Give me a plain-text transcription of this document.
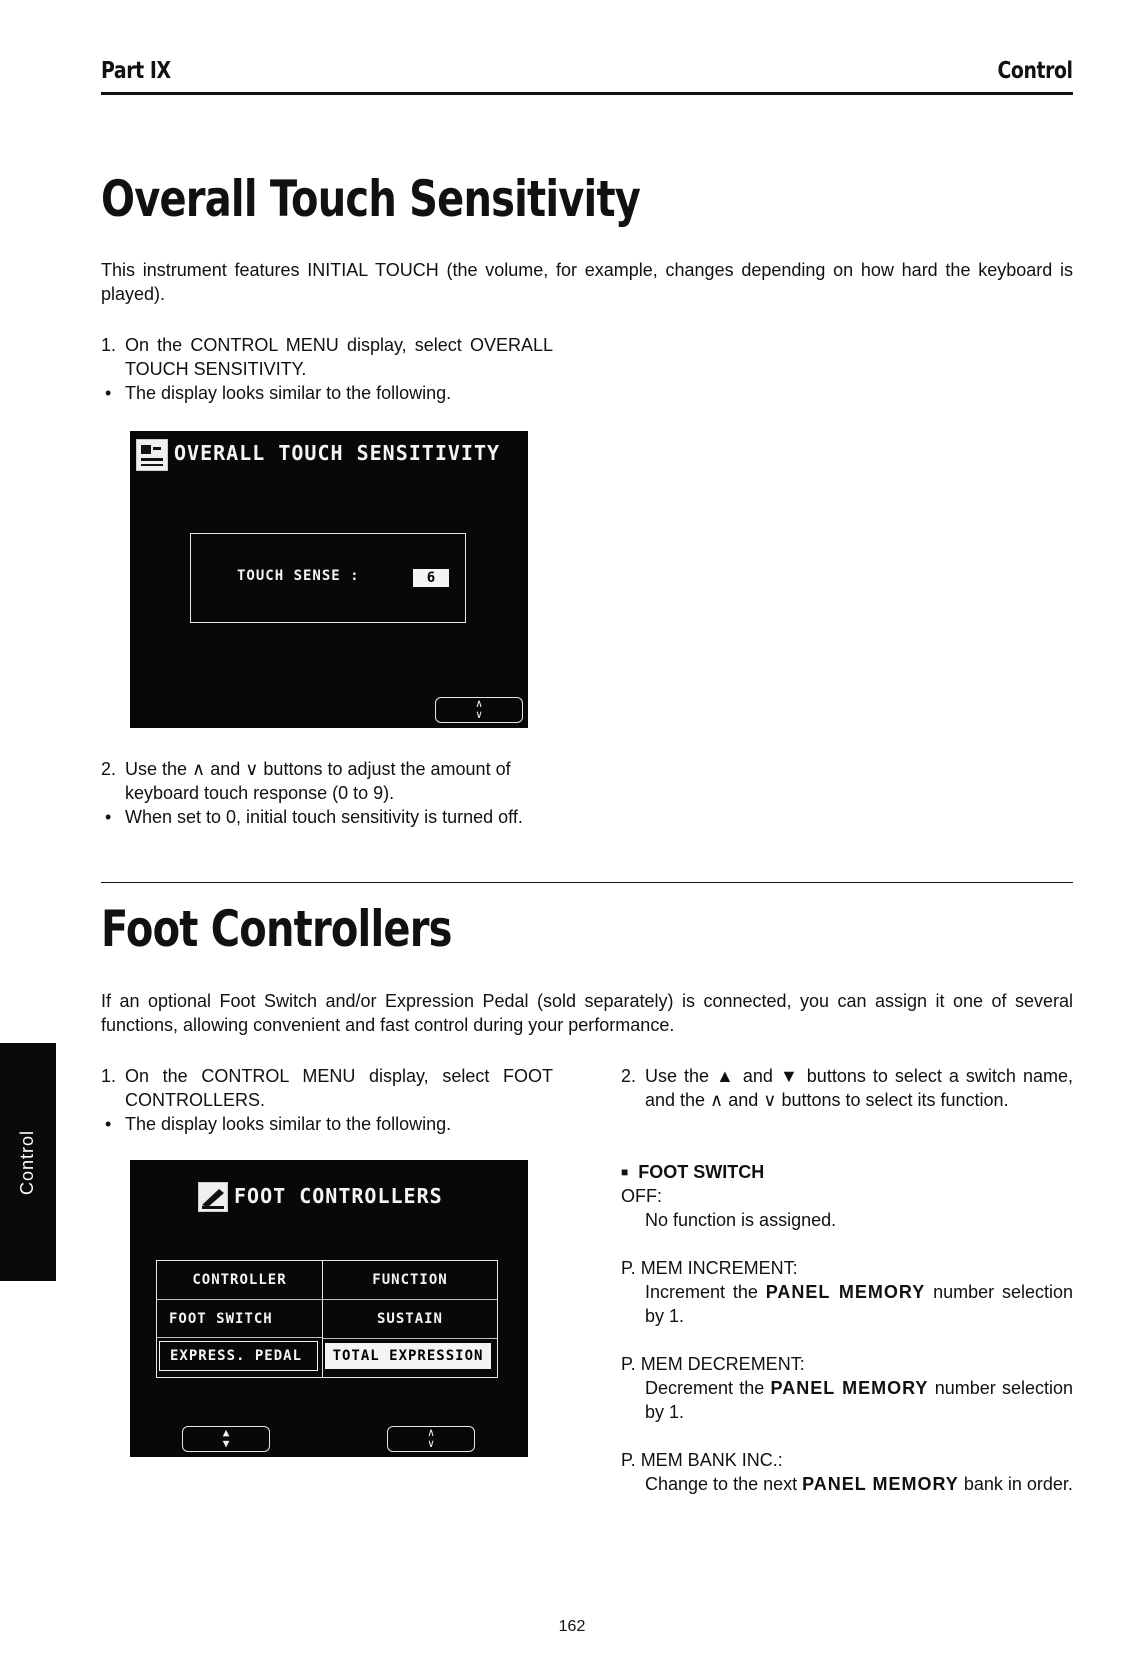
Part IX	Control
Overall Touch Sensitivity
This instrument features INITIAL TOUCH (the volume, for example, changes depending on how hard the keyboard is played).
1. On the CONTROL MENU display, select OVERALL TOUCH SENSITIVITY.
• The display looks similar to the following.
OVERALL TOUCH SENSITIVITY
TOUCH SENSE :	6
∧
∨
2. Use the ∧ and ∨ buttons to adjust the amount of keyboard touch response (0 to 9).
• When set to 0, initial touch sensitivity is turned off.
Foot Controllers
If an optional Foot Switch and/or Expression Pedal (sold separately) is connected, you can assign it one of several functions, allowing convenient and fast control during your performance.
1. On the CONTROL MENU display, select FOOT CONTROLLERS.
• The display looks similar to the following.
FOOT CONTROLLERS
CONTROLLER	FUNCTION
FOOT SWITCH	SUSTAIN
EXPRESS. PEDAL	TOTAL EXPRESSION
▲
▼
∧
∨
2. Use the ▲ and ▼ buttons to select a switch name, and the ∧ and ∨ buttons to select its function.
■ FOOT SWITCH
OFF:
No function is assigned.
P. MEM INCREMENT:
Increment the PANEL MEMORY number selection by 1.
P. MEM DECREMENT:
Decrement the PANEL MEMORY number selection by 1.
P. MEM BANK INC.:
Change to the next PANEL MEMORY bank in order.
Control
162
